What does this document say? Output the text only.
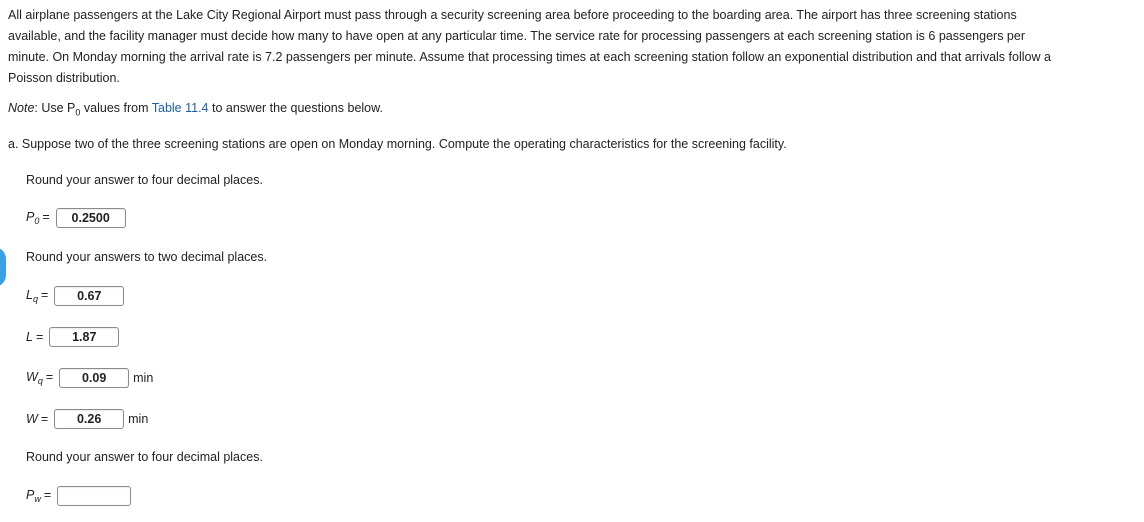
All airplane passengers at the Lake City Regional Airport must pass through a security screening area before proceeding to the boarding area. The airport has three screening stations
available, and the facility manager must decide how many to have open at any particular time. The service rate for processing passengers at each screening station is 6 passengers per
minute. On Monday morning the arrival rate is 7.2 passengers per minute. Assume that processing times at each screening station follow an exponential distribution and that arrivals follow a
Poisson distribution.
Note: Use $P_0$ values from Table 11.4 to answer the questions below.
a. Suppose two of the three screening stations are open on Monday morning. Compute the operating characteristics for the screening facility.
Round your answer to four decimal places.
$P_0$ =	0.2500
Round your answers to two decimal places.
$L_q$ =	0.67
L =	1.87
$W_q$ =	0.09	min
W =	0.26	min
Round your answer to four decimal places.
$P_w$ =
